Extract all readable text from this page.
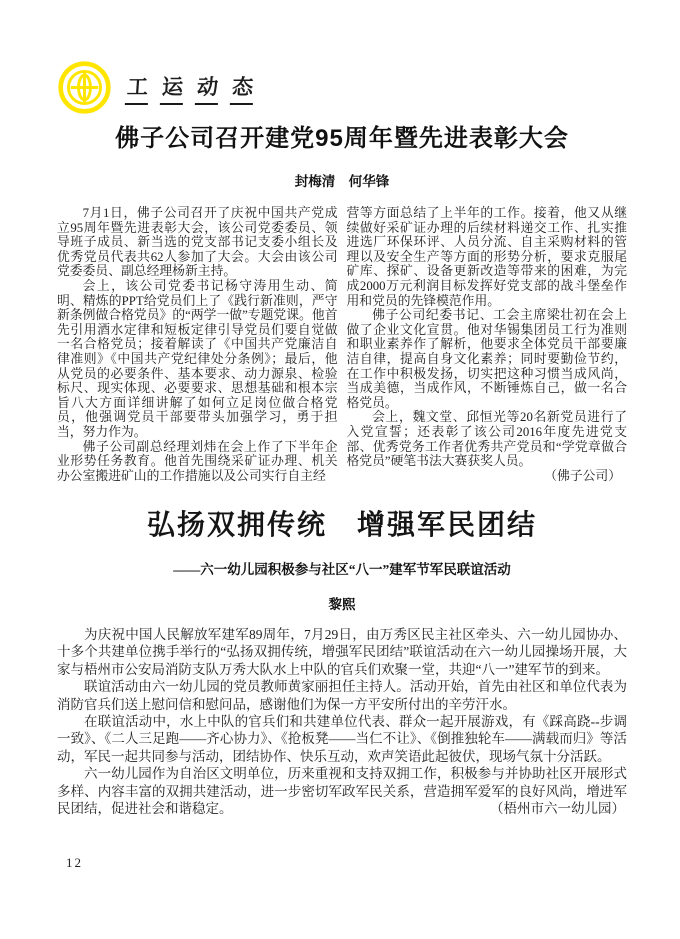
工 运 动 态
佛子公司召开建党95周年暨先进表彰大会
封梅清　何华锋

7月1日，佛子公司召开了庆祝中国共产党成立95周年暨先进表彰大会，该公司党委委员、领导班子成员、新当选的党支部书记支委小组长及优秀党员代表共62人参加了大会。大会由该公司党委委员、副总经理杨新主持。

会上，该公司党委书记杨守涛用生动、简明、精炼的PPT给党员们上了《践行新准则，严守新条例做合格党员》的“两学一做”专题党课。他首先引用酒水定律和短板定律引导党员们要自觉做一名合格党员；接着解读了《中国共产党廉洁自律准则》《中国共产党纪律处分条例》；最后，他从党员的必要条件、基本要求、动力源泉、检验标尺、现实体现、必要要求、思想基础和根本宗旨八大方面详细讲解了如何立足岗位做合格党员，他强调党员干部要带头加强学习，勇于担当，努力作为。

佛子公司副总经理刘炜在会上作了下半年企业形势任务教育。他首先围绕采矿证办理、机关办公室搬进矿山的工作措施以及公司实行自主经

营等方面总结了上半年的工作。接着，他又从继续做好采矿证办理的后续材料递交工作、扎实推进选厂环保环评、人员分流、自主采购材料的管理以及安全生产等方面的形势分析，要求克服尾矿库、探矿、设备更新改造等带来的困难，为完成2000万元利润目标发挥好党支部的战斗堡垒作用和党员的先锋模范作用。

佛子公司纪委书记、工会主席梁壮初在会上做了企业文化宣贯。他对华锡集团员工行为准则和职业素养作了解析，他要求全体党员干部要廉洁自律，提高自身文化素养；同时要勤俭节约，在工作中积极发扬，切实把这种习惯当成风尚，当成美德，当成作风，不断锤炼自己，做一名合格党员。

会上，魏文堂、邱恒光等20名新党员进行了入党宣誓；还表彰了该公司2016年度先进党支部、优秀党务工作者优秀共产党员和“学党章做合格党员”硬笔书法大赛获奖人员。

（佛子公司）
弘扬双拥传统　增强军民团结
——六一幼儿园积极参与社区“八一”建军节军民联谊活动
黎熙

为庆祝中国人民解放军建军89周年，7月29日，由万秀区民主社区牵头、六一幼儿园协办、十多个共建单位携手举行的“弘扬双拥传统，增强军民团结”联谊活动在六一幼儿园操场开展，大家与梧州市公安局消防支队万秀大队水上中队的官兵们欢聚一堂，共迎“八一”建军节的到来。

联谊活动由六一幼儿园的党员教师黄家丽担任主持人。活动开始，首先由社区和单位代表为消防官兵们送上慰问信和慰问品，感谢他们为保一方平安所付出的辛劳汗水。

在联谊活动中，水上中队的官兵们和共建单位代表、群众一起开展游戏，有《踩高跷--步调一致》、《二人三足跑——齐心协力》、《抢板凳——当仁不让》、《倒推独轮车——满载而归》等活动，军民一起共同参与活动，团结协作、快乐互动，欢声笑语此起彼伏，现场气氛十分活跃。

六一幼儿园作为自治区文明单位，历来重视和支持双拥工作，积极参与并协助社区开展形式多样、内容丰富的双拥共建活动，进一步密切军政军民关系，营造拥军爱军的良好风尚，增进军民团结，促进社会和谐稳定。	（梧州市六一幼儿园）
12
